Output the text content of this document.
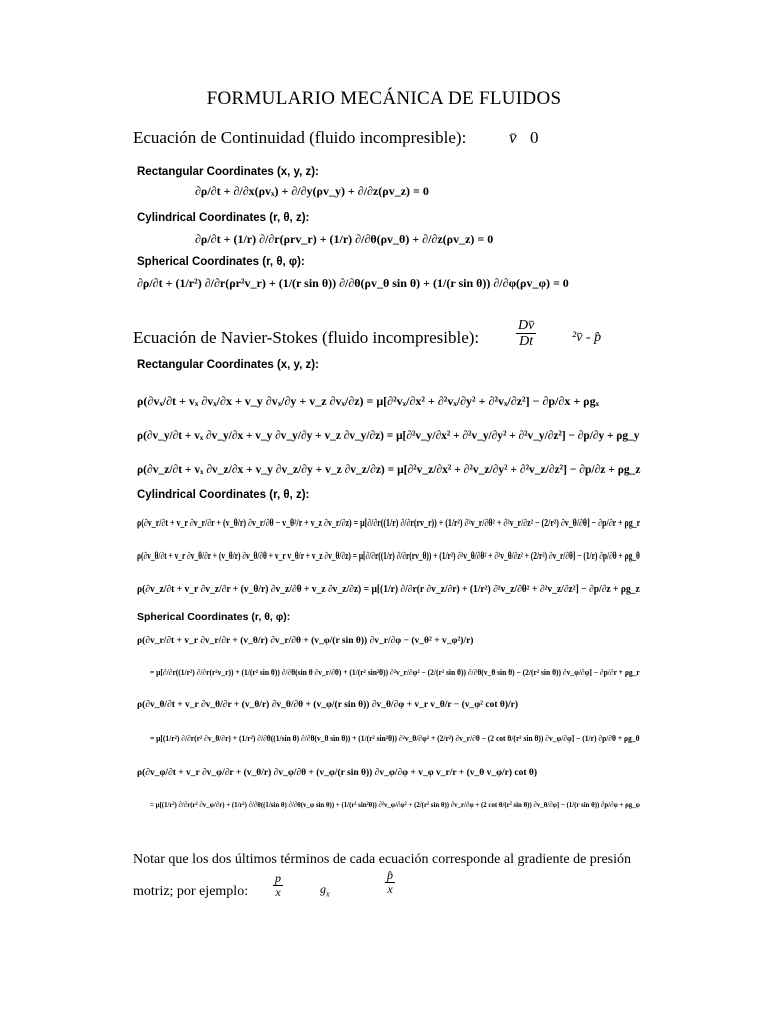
FORMULARIO MECÁNICA DE FLUIDOS
Ecuación de Continuidad (fluido incompresible):	v̄ 0
Rectangular Coordinates (x, y, z):
∂ρ/∂t + ∂/∂x(ρvₓ) + ∂/∂y(ρv_y) + ∂/∂z(ρv_z) = 0
Cylindrical Coordinates (r, θ, z):
∂ρ/∂t + (1/r) ∂/∂r(ρrv_r) + (1/r) ∂/∂θ(ρv_θ) + ∂/∂z(ρv_z) = 0
Spherical Coordinates (r, θ, φ):
∂ρ/∂t + (1/r²) ∂/∂r(ρr²v_r) + (1/(r sin θ)) ∂/∂θ(ρv_θ sin θ) + (1/(r sin θ)) ∂/∂φ(ρv_φ) = 0
Ecuación de Navier-Stokes (fluido incompresible):	$\frac{Dv̄}{Dt}$	²v̄ - p̂
Rectangular Coordinates (x, y, z):
ρ(∂vₓ/∂t + vₓ ∂vₓ/∂x + v_y ∂vₓ/∂y + v_z ∂vₓ/∂z) = μ[∂²vₓ/∂x² + ∂²vₓ/∂y² + ∂²vₓ/∂z²] − ∂p/∂x + ρgₓ
ρ(∂v_y/∂t + vₓ ∂v_y/∂x + v_y ∂v_y/∂y + v_z ∂v_y/∂z) = μ[∂²v_y/∂x² + ∂²v_y/∂y² + ∂²v_y/∂z²] − ∂p/∂y + ρg_y
ρ(∂v_z/∂t + vₓ ∂v_z/∂x + v_y ∂v_z/∂y + v_z ∂v_z/∂z) = μ[∂²v_z/∂x² + ∂²v_z/∂y² + ∂²v_z/∂z²] − ∂p/∂z + ρg_z
Cylindrical Coordinates (r, θ, z):
ρ(∂v_r/∂t + v_r ∂v_r/∂r + (v_θ/r) ∂v_r/∂θ − v_θ²/r + v_z ∂v_r/∂z) = μ[∂/∂r((1/r) ∂/∂r(rv_r)) + (1/r²) ∂²v_r/∂θ² + ∂²v_r/∂z² − (2/r²) ∂v_θ/∂θ] − ∂p/∂r + ρg_r
ρ(∂v_θ/∂t + v_r ∂v_θ/∂r + (v_θ/r) ∂v_θ/∂θ + v_r v_θ/r + v_z ∂v_θ/∂z) = μ[∂/∂r((1/r) ∂/∂r(rv_θ)) + (1/r²) ∂²v_θ/∂θ² + ∂²v_θ/∂z² + (2/r²) ∂v_r/∂θ] − (1/r) ∂p/∂θ + ρg_θ
ρ(∂v_z/∂t + v_r ∂v_z/∂r + (v_θ/r) ∂v_z/∂θ + v_z ∂v_z/∂z) = μ[(1/r) ∂/∂r(r ∂v_z/∂r) + (1/r²) ∂²v_z/∂θ² + ∂²v_z/∂z²] − ∂p/∂z + ρg_z
Spherical Coordinates (r, θ, φ):
ρ(∂v_r/∂t + v_r ∂v_r/∂r + (v_θ/r) ∂v_r/∂θ + (v_φ/(r sin θ)) ∂v_r/∂φ − (v_θ² + v_φ²)/r)
= μ[∂/∂r((1/r²) ∂/∂r(r²v_r)) + (1/(r² sin θ)) ∂/∂θ(sin θ ∂v_r/∂θ) + (1/(r² sin²θ)) ∂²v_r/∂φ² − (2/(r² sin θ)) ∂/∂θ(v_θ sin θ) − (2/(r² sin θ)) ∂v_φ/∂φ] − ∂p/∂r + ρg_r
ρ(∂v_θ/∂t + v_r ∂v_θ/∂r + (v_θ/r) ∂v_θ/∂θ + (v_φ/(r sin θ)) ∂v_θ/∂φ + v_r v_θ/r − (v_φ² cot θ)/r)
= μ[(1/r²) ∂/∂r(r² ∂v_θ/∂r) + (1/r²) ∂/∂θ((1/sin θ) ∂/∂θ(v_θ sin θ)) + (1/(r² sin²θ)) ∂²v_θ/∂φ² + (2/r²) ∂v_r/∂θ − (2 cot θ/(r² sin θ)) ∂v_φ/∂φ] − (1/r) ∂p/∂θ + ρg_θ
ρ(∂v_φ/∂t + v_r ∂v_φ/∂r + (v_θ/r) ∂v_φ/∂θ + (v_φ/(r sin θ)) ∂v_φ/∂φ + v_φ v_r/r + (v_θ v_φ/r) cot θ)
= μ[(1/r²) ∂/∂r(r² ∂v_φ/∂r) + (1/r²) ∂/∂θ((1/sin θ) ∂/∂θ(v_φ sin θ)) + (1/(r² sin²θ)) ∂²v_φ/∂φ² + (2/(r² sin θ)) ∂v_r/∂φ + (2 cot θ/(r² sin θ)) ∂v_θ/∂φ] − (1/(r sin θ)) ∂p/∂φ + ρg_φ
Notar que los dos últimos términos de cada ecuación corresponde al gradiente de presión
motriz; por ejemplo: $\frac{p}{x}$	$g_x$	$\frac{p̂}{x}$
